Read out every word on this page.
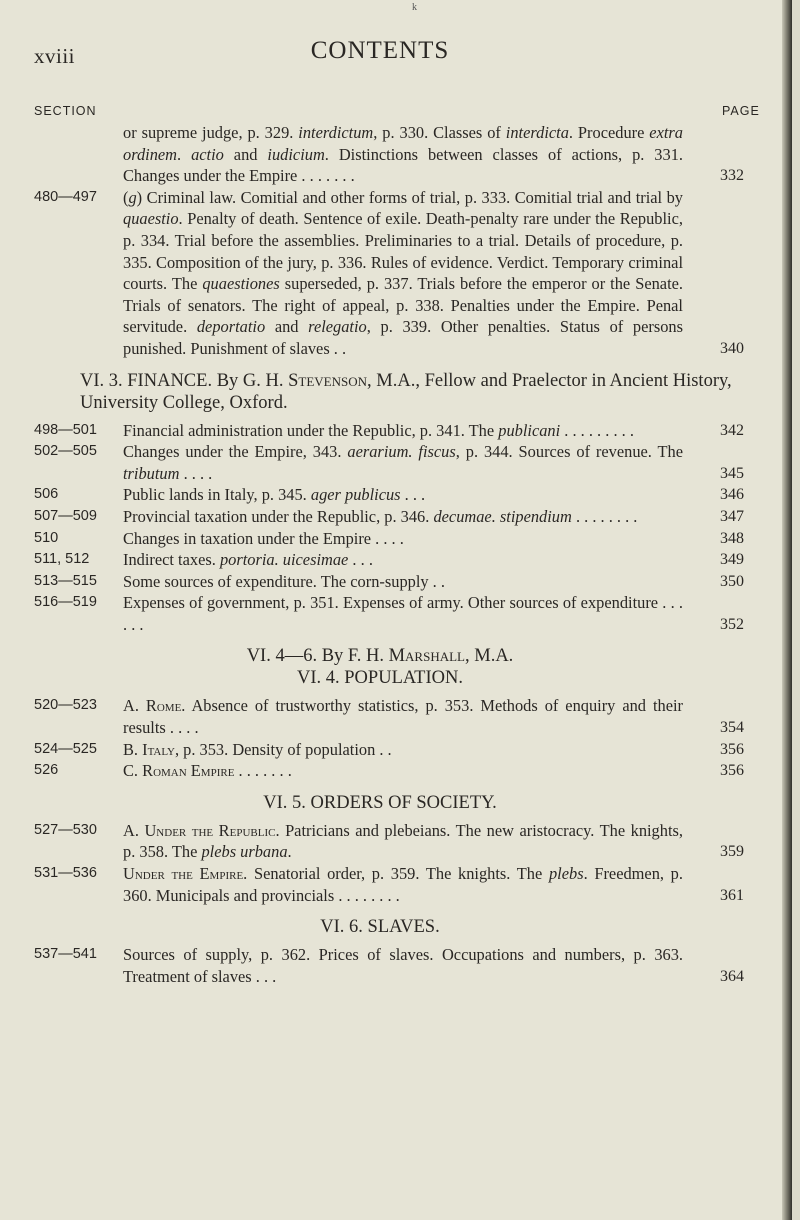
k
xviii	CONTENTS
SECTION	PAGE
or supreme judge, p. 329. interdictum, p. 330. Classes of interdicta. Procedure extra ordinem. actio and iudicium. Distinctions between classes of actions, p. 331. Changes under the Empire . . . . . . .	332
480—497 (g) Criminal law. Comitial and other forms of trial, p. 333. Comitial trial and trial by quaestio. Penalty of death. Sentence of exile. Death-penalty rare under the Republic, p. 334. Trial before the assemblies. Preliminaries to a trial. Details of procedure, p. 335. Composition of the jury, p. 336. Rules of evidence. Verdict. Temporary criminal courts. The quaestiones superseded, p. 337. Trials before the emperor or the Senate. Trials of senators. The right of appeal, p. 338. Penalties under the Empire. Penal servitude. deportatio and relegatio, p. 339. Other penalties. Status of persons punished. Punishment of slaves . .	340
VI. 3. FINANCE. By G. H. Stevenson, M.A., Fellow and Praelector in Ancient History, University College, Oxford.
498—501 Financial administration under the Republic, p. 341. The publicani . . . . . . . . .	342
502—505 Changes under the Empire, 343. aerarium. fiscus, p. 344. Sources of revenue. The tributum . . . .	345
506	Public lands in Italy, p. 345. ager publicus . . .	346
507—509 Provincial taxation under the Republic, p. 346. decumae. stipendium . . . . . . . .	347
510	Changes in taxation under the Empire . . . .	348
511, 512 Indirect taxes. portoria. uicesimae . . .	349
513—515 Some sources of expenditure. The corn-supply . .	350
516—519 Expenses of government, p. 351. Expenses of army. Other sources of expenditure . . . . . .	352
VI. 4—6. By F. H. Marshall, M.A.
VI. 4. POPULATION.
520—523 A. Rome. Absence of trustworthy statistics, p. 353. Methods of enquiry and their results . . . .	354
524—525 B. Italy, p. 353. Density of population . .	356
526	C. Roman Empire . . . . . . .	356
VI. 5. ORDERS OF SOCIETY.
527—530 A. Under the Republic. Patricians and plebeians. The new aristocracy. The knights, p. 358. The plebs urbana.	359
531—536 Under the Empire. Senatorial order, p. 359. The knights. The plebs. Freedmen, p. 360. Municipals and provincials . . . . . . . .	361
VI. 6. SLAVES.
537—541 Sources of supply, p. 362. Prices of slaves. Occupations and numbers, p. 363. Treatment of slaves . . .	364
